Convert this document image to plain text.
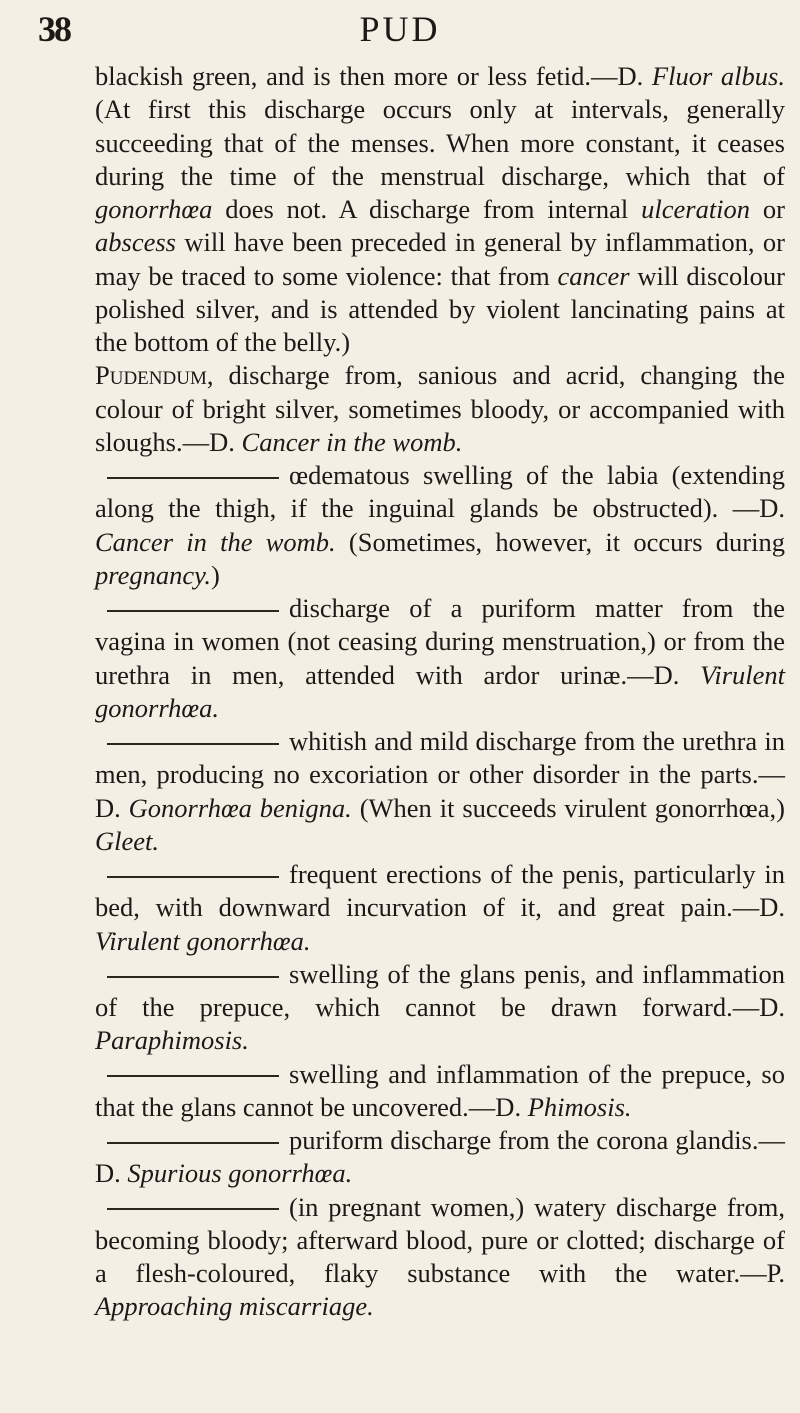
38	PUD

blackish green, and is then more or less fetid.—D. Fluor albus. (At first this discharge occurs only at intervals, generally succeeding that of the menses. When more constant, it ceases during the time of the menstrual discharge, which that of gonorrhœa does not. A discharge from internal ulceration or abscess will have been preceded in general by inflammation, or may be traced to some violence: that from cancer will discolour polished silver, and is attended by violent lancinating pains at the bottom of the belly.)

Pudendum, discharge from, sanious and acrid, changing the colour of bright silver, sometimes bloody, or accompanied with sloughs.—D. Cancer in the womb.

œdematous swelling of the labia (extending along the thigh, if the inguinal glands be obstructed). —D. Cancer in the womb. (Sometimes, however, it occurs during pregnancy.)

discharge of a puriform matter from the vagina in women (not ceasing during menstruation,) or from the urethra in men, attended with ardor urinæ.—D. Virulent gonorrhœa.

whitish and mild discharge from the urethra in men, producing no excoriation or other disorder in the parts.—D. Gonorrhœa benigna. (When it succeeds virulent gonorrhœa,) Gleet.

frequent erections of the penis, particularly in bed, with downward incurvation of it, and great pain.—D. Virulent gonorrhœa.

swelling of the glans penis, and inflammation of the prepuce, which cannot be drawn forward.—D. Paraphimosis.

swelling and inflammation of the prepuce, so that the glans cannot be uncovered.—D. Phimosis.

puriform discharge from the corona glandis.—D. Spurious gonorrhœa.

(in pregnant women,) watery discharge from, becoming bloody; afterward blood, pure or clotted; discharge of a flesh-coloured, flaky substance with the water.—P. Approaching miscarriage.
